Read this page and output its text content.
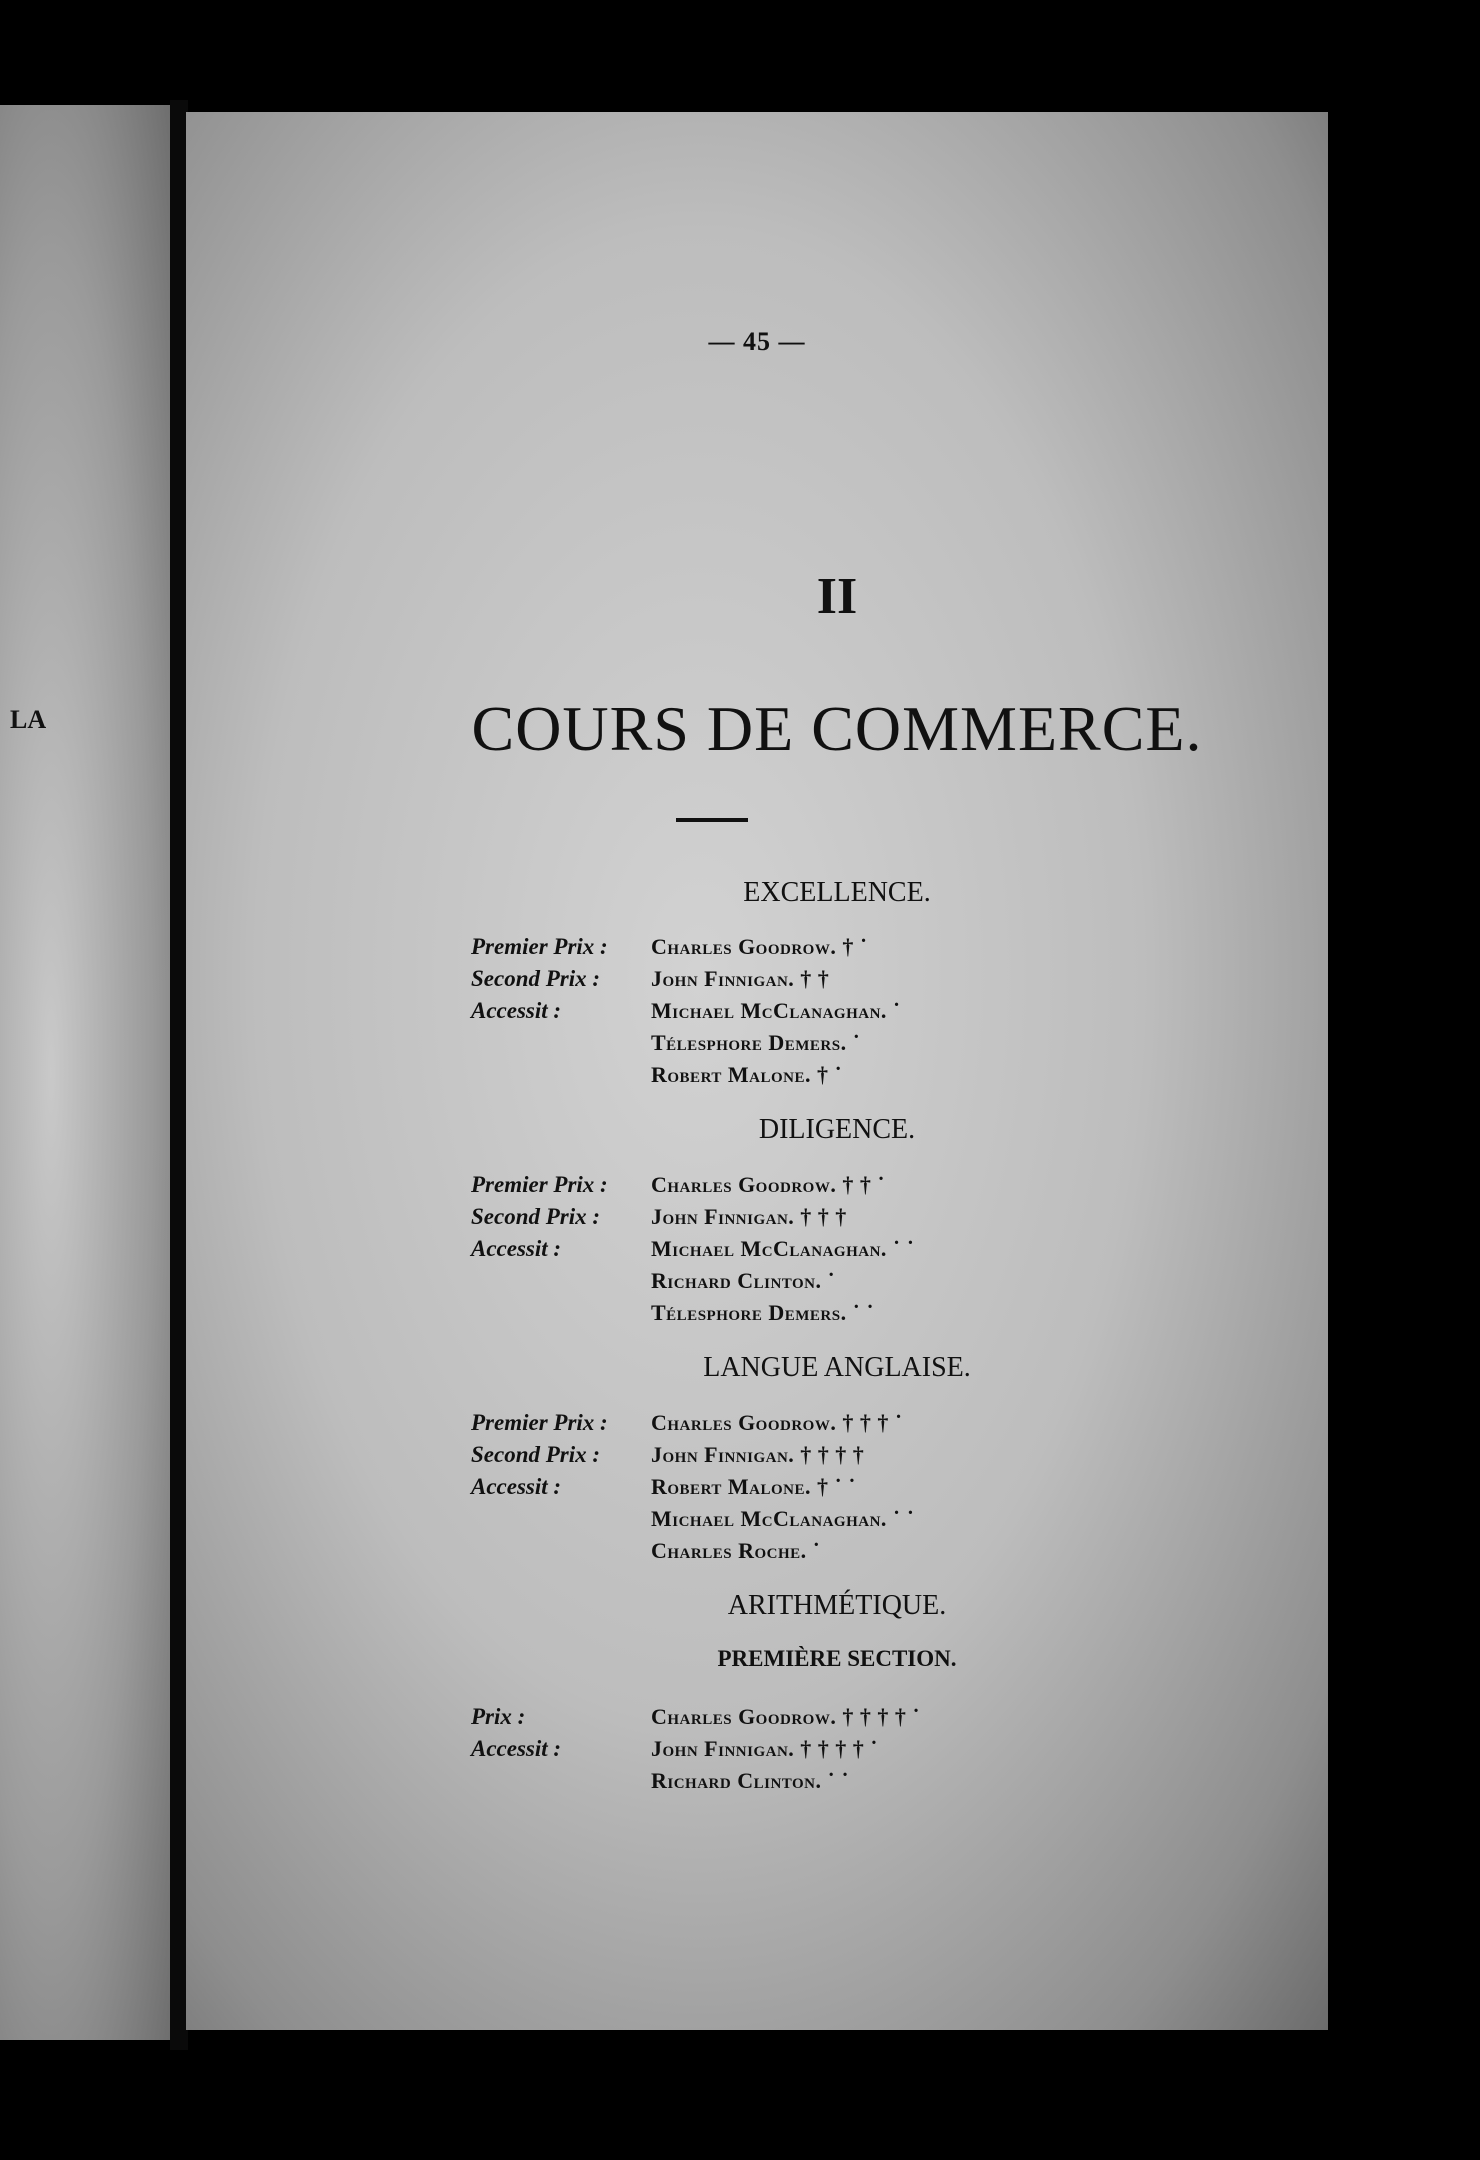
LA
— 45 —
II
COURS DE COMMERCE.
EXCELLENCE.
Premier Prix : Charles Goodrow. † ˙
Second Prix : John Finnigan. † †
Accessit :	Michael McClanaghan. ˙
Télesphore Demers. ˙
Robert Malone. † ˙
DILIGENCE.
Premier Prix : Charles Goodrow. † † ˙
Second Prix : John Finnigan. † † †
Accessit :	Michael McClanaghan. ˙ ˙
Richard Clinton. ˙
Télesphore Demers. ˙ ˙
LANGUE ANGLAISE.
Premier Prix : Charles Goodrow. † † † ˙
Second Prix : John Finnigan. † † † †
Accessit :	Robert Malone. † ˙ ˙
Michael McClanaghan. ˙ ˙
Charles Roche. ˙
ARITHMÉTIQUE.
PREMIÈRE SECTION.
Prix :	Charles Goodrow. † † † † ˙
Accessit :	John Finnigan. † † † † ˙
Richard Clinton. ˙ ˙
